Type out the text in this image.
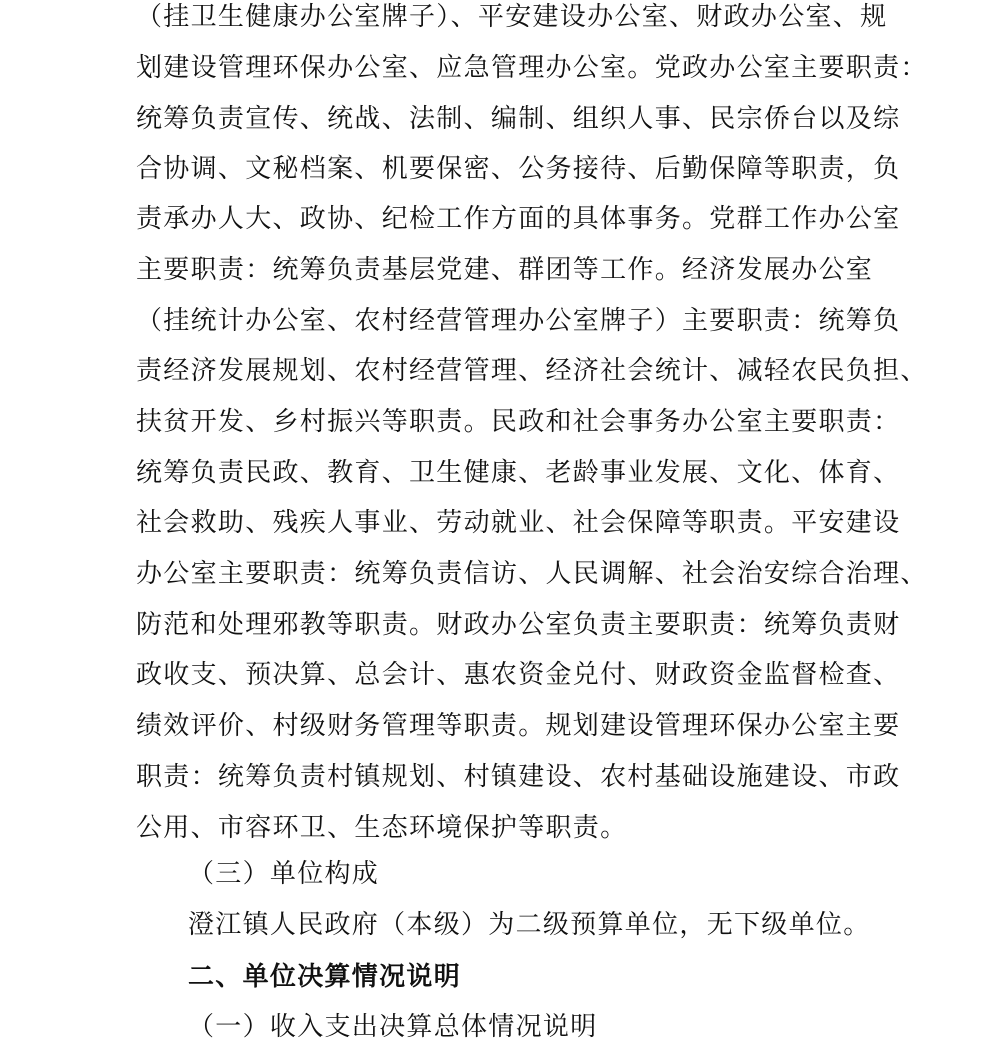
（挂卫生健康办公室牌子）、平安建设办公室、财政办公室、规
划建设管理环保办公室、应急管理办公室。党政办公室主要职责：
统筹负责宣传、统战、法制、编制、组织人事、民宗侨台以及综
合协调、文秘档案、机要保密、公务接待、后勤保障等职责，负
责承办人大、政协、纪检工作方面的具体事务。党群工作办公室
主要职责：统筹负责基层党建、群团等工作。经济发展办公室
（挂统计办公室、农村经营管理办公室牌子）主要职责：统筹负
责经济发展规划、农村经营管理、经济社会统计、减轻农民负担、
扶贫开发、乡村振兴等职责。民政和社会事务办公室主要职责：
统筹负责民政、教育、卫生健康、老龄事业发展、文化、体育、
社会救助、残疾人事业、劳动就业、社会保障等职责。平安建设
办公室主要职责：统筹负责信访、人民调解、社会治安综合治理、
防范和处理邪教等职责。财政办公室负责主要职责：统筹负责财
政收支、预决算、总会计、惠农资金兑付、财政资金监督检查、
绩效评价、村级财务管理等职责。规划建设管理环保办公室主要
职责：统筹负责村镇规划、村镇建设、农村基础设施建设、市政
公用、市容环卫、生态环境保护等职责。
（三）单位构成
澄江镇人民政府（本级）为二级预算单位，无下级单位。
二、单位决算情况说明
（一）收入支出决算总体情况说明
